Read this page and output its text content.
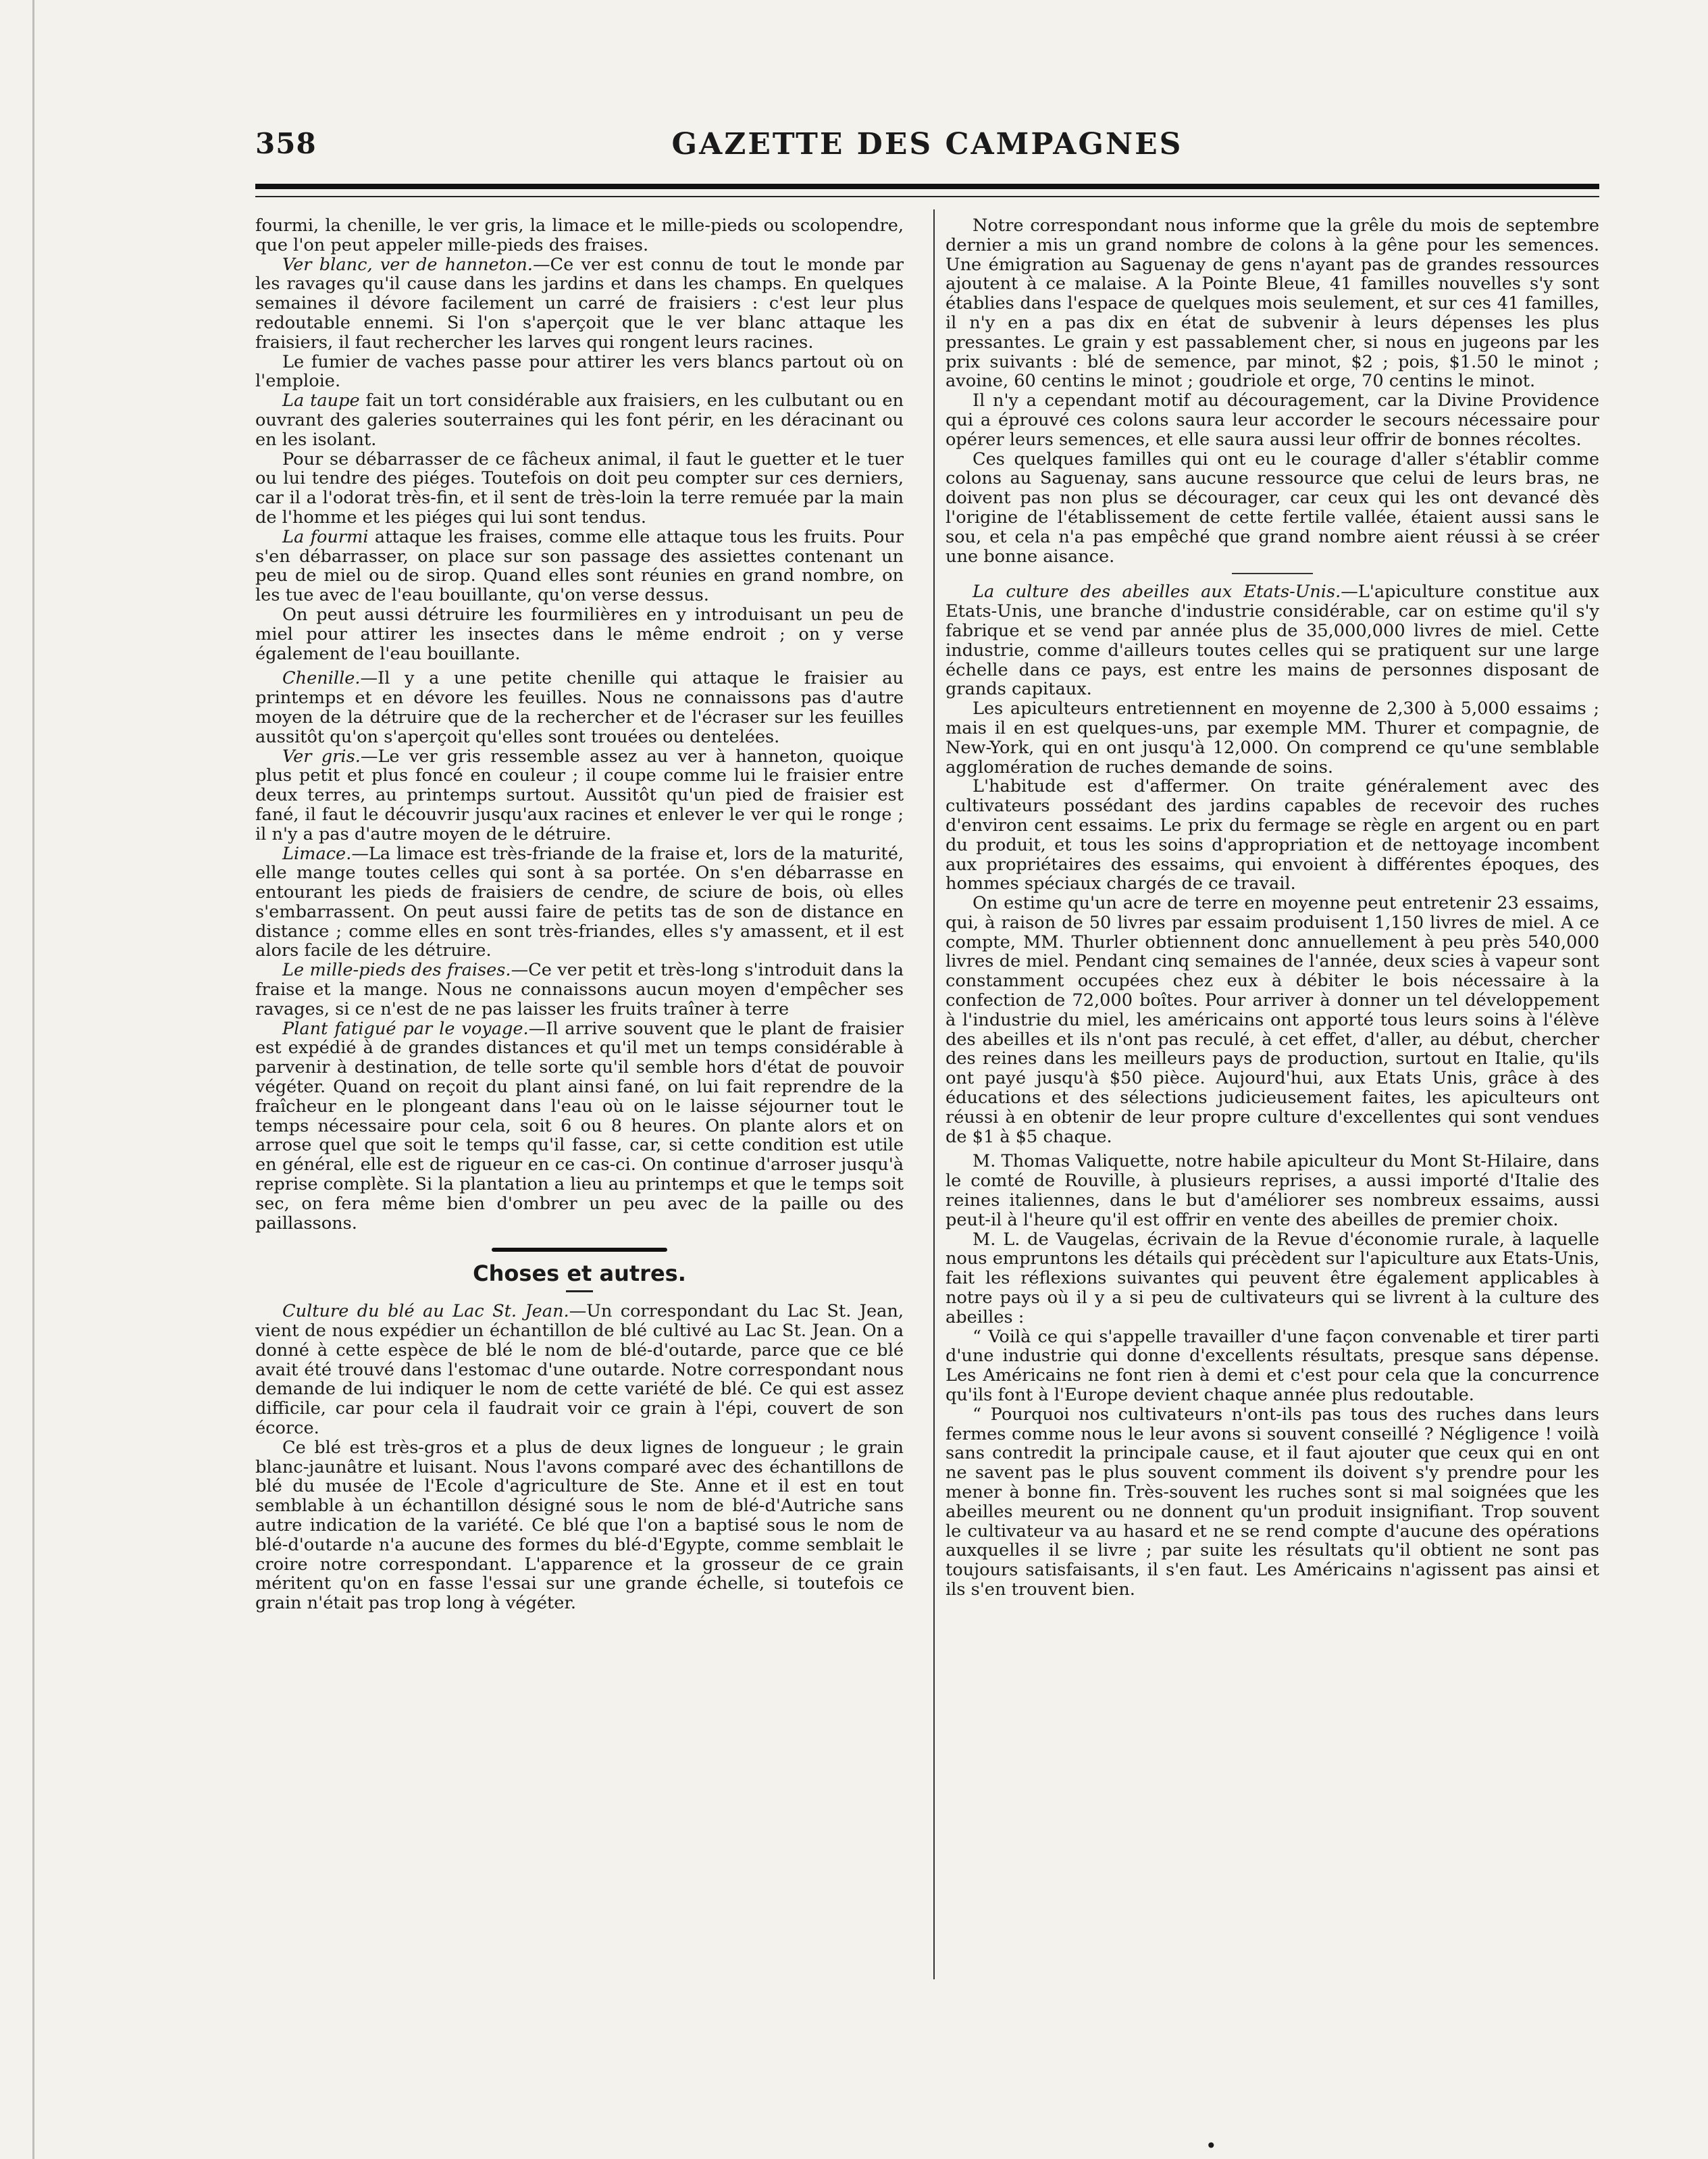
358	GAZETTE DES CAMPAGNES

fourmi, la chenille, le ver gris, la limace et le mille-pieds ou scolopendre, que l'on peut appeler mille-pieds des fraises.

Ver blanc, ver de hanneton.—Ce ver est connu de tout le monde par les ravages qu'il cause dans les jardins et dans les champs. En quelques semaines il dévore facilement un carré de fraisiers : c'est leur plus redoutable ennemi. Si l'on s'aperçoit que le ver blanc attaque les fraisiers, il faut rechercher les larves qui rongent leurs racines.

Le fumier de vaches passe pour attirer les vers blancs partout où on l'emploie.

La taupe fait un tort considérable aux fraisiers, en les culbutant ou en ouvrant des galeries souterraines qui les font périr, en les déracinant ou en les isolant.

Pour se débarrasser de ce fâcheux animal, il faut le guetter et le tuer ou lui tendre des piéges. Toutefois on doit peu compter sur ces derniers, car il a l'odorat très-fin, et il sent de très-loin la terre remuée par la main de l'homme et les piéges qui lui sont tendus.

La fourmi attaque les fraises, comme elle attaque tous les fruits. Pour s'en débarrasser, on place sur son passage des assiettes contenant un peu de miel ou de sirop. Quand elles sont réunies en grand nombre, on les tue avec de l'eau bouillante, qu'on verse dessus.

On peut aussi détruire les fourmilières en y introduisant un peu de miel pour attirer les insectes dans le même endroit ; on y verse également de l'eau bouillante.

Chenille.—Il y a une petite chenille qui attaque le fraisier au printemps et en dévore les feuilles. Nous ne connaissons pas d'autre moyen de la détruire que de la rechercher et de l'écraser sur les feuilles aussitôt qu'on s'aperçoit qu'elles sont trouées ou dentelées.

Ver gris.—Le ver gris ressemble assez au ver à hanneton, quoique plus petit et plus foncé en couleur ; il coupe comme lui le fraisier entre deux terres, au printemps surtout. Aussitôt qu'un pied de fraisier est fané, il faut le découvrir jusqu'aux racines et enlever le ver qui le ronge ; il n'y a pas d'autre moyen de le détruire.

Limace.—La limace est très-friande de la fraise et, lors de la maturité, elle mange toutes celles qui sont à sa portée. On s'en débarrasse en entourant les pieds de fraisiers de cendre, de sciure de bois, où elles s'embarrassent. On peut aussi faire de petits tas de son de distance en distance ; comme elles en sont très-friandes, elles s'y amassent, et il est alors facile de les détruire.

Le mille-pieds des fraises.—Ce ver petit et très-long s'introduit dans la fraise et la mange. Nous ne connaissons aucun moyen d'empêcher ses ravages, si ce n'est de ne pas laisser les fruits traîner à terre

Plant fatigué par le voyage.—Il arrive souvent que le plant de fraisier est expédié à de grandes distances et qu'il met un temps considérable à parvenir à destination, de telle sorte qu'il semble hors d'état de pouvoir végéter. Quand on reçoit du plant ainsi fané, on lui fait reprendre de la fraîcheur en le plongeant dans l'eau où on le laisse séjourner tout le temps nécessaire pour cela, soit 6 ou 8 heures. On plante alors et on arrose quel que soit le temps qu'il fasse, car, si cette condition est utile en général, elle est de rigueur en ce cas-ci. On continue d'arroser jusqu'à reprise complète. Si la plantation a lieu au printemps et que le temps soit sec, on fera même bien d'ombrer un peu avec de la paille ou des paillassons.

Choses et autres.

Culture du blé au Lac St. Jean.—Un correspondant du Lac St. Jean, vient de nous expédier un échantillon de blé cultivé au Lac St. Jean. On a donné à cette espèce de blé le nom de blé-d'outarde, parce que ce blé avait été trouvé dans l'estomac d'une outarde. Notre correspondant nous demande de lui indiquer le nom de cette variété de blé. Ce qui est assez difficile, car pour cela il faudrait voir ce grain à l'épi, couvert de son écorce.

Ce blé est très-gros et a plus de deux lignes de longueur ; le grain blanc-jaunâtre et luisant. Nous l'avons comparé avec des échantillons de blé du musée de l'Ecole d'agriculture de Ste. Anne et il est en tout semblable à un échantillon désigné sous le nom de blé-d'Autriche sans autre indication de la variété. Ce blé que l'on a baptisé sous le nom de blé-d'outarde n'a aucune des formes du blé-d'Egypte, comme semblait le croire notre correspondant. L'apparence et la grosseur de ce grain méritent qu'on en fasse l'essai sur une grande échelle, si toutefois ce grain n'était pas trop long à végéter.

Notre correspondant nous informe que la grêle du mois de septembre dernier a mis un grand nombre de colons à la gêne pour les semences. Une émigration au Saguenay de gens n'ayant pas de grandes ressources ajoutent à ce malaise. A la Pointe Bleue, 41 familles nouvelles s'y sont établies dans l'espace de quelques mois seulement, et sur ces 41 familles, il n'y en a pas dix en état de subvenir à leurs dépenses les plus pressantes. Le grain y est passablement cher, si nous en jugeons par les prix suivants : blé de semence, par minot, $2 ; pois, $1.50 le minot ; avoine, 60 centins le minot ; goudriole et orge, 70 centins le minot.

Il n'y a cependant motif au découragement, car la Divine Providence qui a éprouvé ces colons saura leur accorder le secours nécessaire pour opérer leurs semences, et elle saura aussi leur offrir de bonnes récoltes.

Ces quelques familles qui ont eu le courage d'aller s'établir comme colons au Saguenay, sans aucune ressource que celui de leurs bras, ne doivent pas non plus se décourager, car ceux qui les ont devancé dès l'origine de l'établissement de cette fertile vallée, étaient aussi sans le sou, et cela n'a pas empêché que grand nombre aient réussi à se créer une bonne aisance.

La culture des abeilles aux Etats-Unis.—L'apiculture constitue aux Etats-Unis, une branche d'industrie considérable, car on estime qu'il s'y fabrique et se vend par année plus de 35,000,000 livres de miel. Cette industrie, comme d'ailleurs toutes celles qui se pratiquent sur une large échelle dans ce pays, est entre les mains de personnes disposant de grands capitaux.

Les apiculteurs entretiennent en moyenne de 2,300 à 5,000 essaims ; mais il en est quelques-uns, par exemple MM. Thurer et compagnie, de New-York, qui en ont jusqu'à 12,000. On comprend ce qu'une semblable agglomération de ruches demande de soins.

L'habitude est d'affermer. On traite généralement avec des cultivateurs possédant des jardins capables de recevoir des ruches d'environ cent essaims. Le prix du fermage se règle en argent ou en part du produit, et tous les soins d'appropriation et de nettoyage incombent aux propriétaires des essaims, qui envoient à différentes époques, des hommes spéciaux chargés de ce travail.

On estime qu'un acre de terre en moyenne peut entretenir 23 essaims, qui, à raison de 50 livres par essaim produisent 1,150 livres de miel. A ce compte, MM. Thurler obtiennent donc annuellement à peu près 540,000 livres de miel. Pendant cinq semaines de l'année, deux scies à vapeur sont constamment occupées chez eux à débiter le bois nécessaire à la confection de 72,000 boîtes. Pour arriver à donner un tel développement à l'industrie du miel, les américains ont apporté tous leurs soins à l'élève des abeilles et ils n'ont pas reculé, à cet effet, d'aller, au début, chercher des reines dans les meilleurs pays de production, surtout en Italie, qu'ils ont payé jusqu'à $50 pièce. Aujourd'hui, aux Etats Unis, grâce à des éducations et des sélections judicieusement faites, les apiculteurs ont réussi à en obtenir de leur propre culture d'excellentes qui sont vendues de $1 à $5 chaque.

M. Thomas Valiquette, notre habile apiculteur du Mont St-Hilaire, dans le comté de Rouville, à plusieurs reprises, a aussi importé d'Italie des reines italiennes, dans le but d'améliorer ses nombreux essaims, aussi peut-il à l'heure qu'il est offrir en vente des abeilles de premier choix.

M. L. de Vaugelas, écrivain de la Revue d'économie rurale, à laquelle nous empruntons les détails qui précèdent sur l'apiculture aux Etats-Unis, fait les réflexions suivantes qui peuvent être également applicables à notre pays où il y a si peu de cultivateurs qui se livrent à la culture des abeilles :

“ Voilà ce qui s'appelle travailler d'une façon convenable et tirer parti d'une industrie qui donne d'excellents résultats, presque sans dépense. Les Américains ne font rien à demi et c'est pour cela que la concurrence qu'ils font à l'Europe devient chaque année plus redoutable.

“ Pourquoi nos cultivateurs n'ont-ils pas tous des ruches dans leurs fermes comme nous le leur avons si souvent conseillé ? Négligence ! voilà sans contredit la principale cause, et il faut ajouter que ceux qui en ont ne savent pas le plus souvent comment ils doivent s'y prendre pour les mener à bonne fin. Très-souvent les ruches sont si mal soignées que les abeilles meurent ou ne donnent qu'un produit insignifiant. Trop souvent le cultivateur va au hasard et ne se rend compte d'aucune des opérations auxquelles il se livre ; par suite les résultats qu'il obtient ne sont pas toujours satisfaisants, il s'en faut. Les Américains n'agissent pas ainsi et ils s'en trouvent bien.

•
